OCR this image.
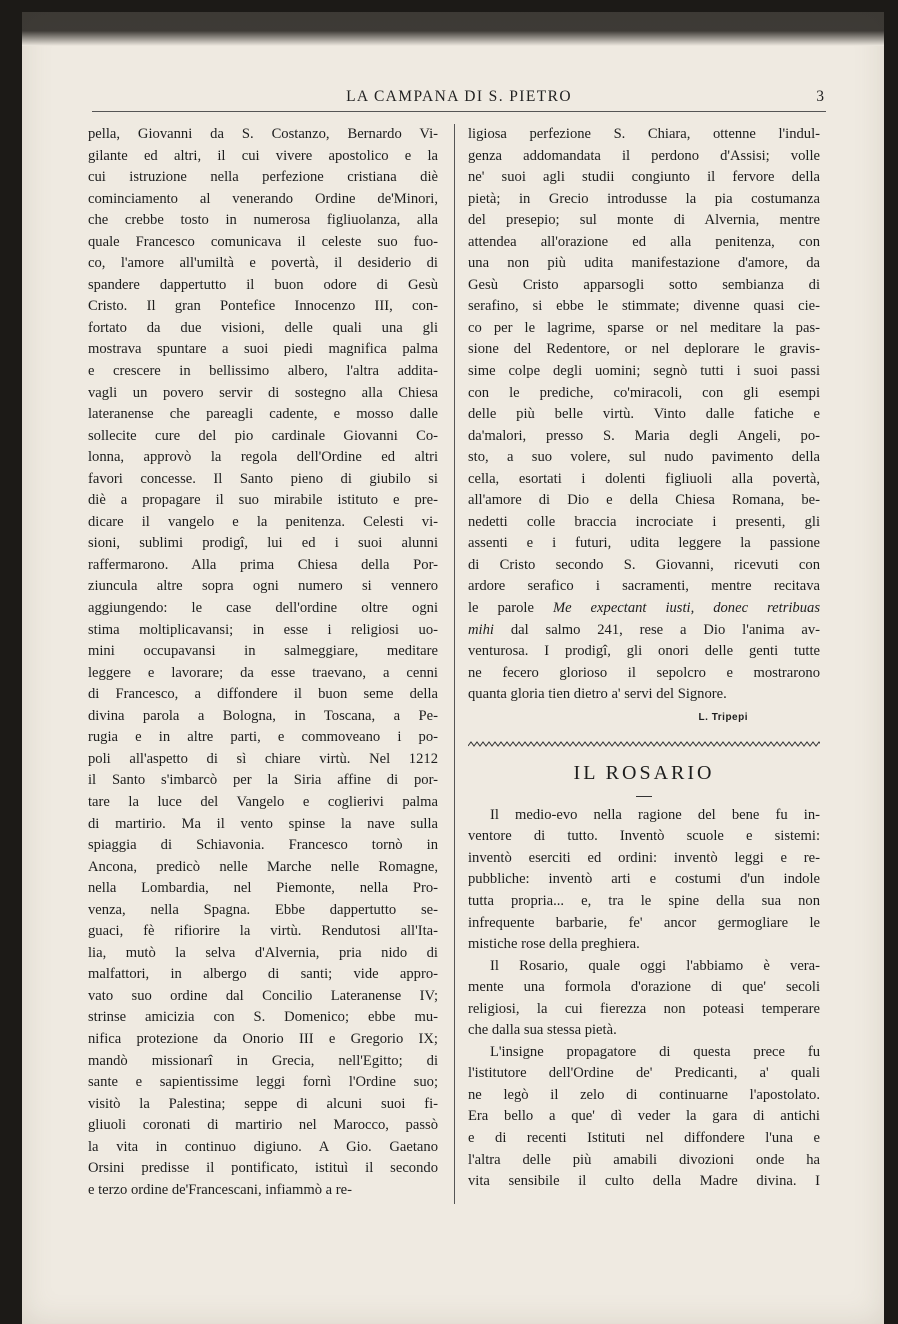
LA CAMPANA DI S. PIETRO	3
pella, Giovanni da S. Costanzo, Bernardo Vi-
gilante ed altri, il cui vivere apostolico e la
cui istruzione nella perfezione cristiana diè
cominciamento al venerando Ordine de'Minori,
che crebbe tosto in numerosa figliuolanza, alla
quale Francesco comunicava il celeste suo fuo-
co, l'amore all'umiltà e povertà, il desiderio di
spandere dappertutto il buon odore di Gesù
Cristo. Il gran Pontefice Innocenzo III, con-
fortato da due visioni, delle quali una gli
mostrava spuntare a suoi piedi magnifica palma
e crescere in bellissimo albero, l'altra addita-
vagli un povero servir di sostegno alla Chiesa
lateranense che pareagli cadente, e mosso dalle
sollecite cure del pio cardinale Giovanni Co-
lonna, approvò la regola dell'Ordine ed altri
favori concesse. Il Santo pieno di giubilo si
diè a propagare il suo mirabile istituto e pre-
dicare il vangelo e la penitenza. Celesti vi-
sioni, sublimi prodigî, lui ed i suoi alunni
raffermarono. Alla prima Chiesa della Por-
ziuncula altre sopra ogni numero si vennero
aggiungendo: le case dell'ordine oltre ogni
stima moltiplicavansi; in esse i religiosi uo-
mini occupavansi in salmeggiare, meditare
leggere e lavorare; da esse traevano, a cenni
di Francesco, a diffondere il buon seme della
divina parola a Bologna, in Toscana, a Pe-
rugia e in altre parti, e commoveano i po-
poli all'aspetto di sì chiare virtù. Nel 1212
il Santo s'imbarcò per la Siria affine di por-
tare la luce del Vangelo e coglierivi palma
di martirio. Ma il vento spinse la nave sulla
spiaggia di Schiavonia. Francesco tornò in
Ancona, predicò nelle Marche nelle Romagne,
nella Lombardia, nel Piemonte, nella Pro-
venza, nella Spagna. Ebbe dappertutto se-
guaci, fè rifiorire la virtù. Rendutosi all'Ita-
lia, mutò la selva d'Alvernia, pria nido di
malfattori, in albergo di santi; vide appro-
vato suo ordine dal Concilio Lateranense IV;
strinse amicizia con S. Domenico; ebbe mu-
nifica protezione da Onorio III e Gregorio IX;
mandò missionarî in Grecia, nell'Egitto; di
sante e sapientissime leggi fornì l'Ordine suo;
visitò la Palestina; seppe di alcuni suoi fi-
gliuoli coronati di martirio nel Marocco, passò
la vita in continuo digiuno. A Gio. Gaetano
Orsini predisse il pontificato, istituì il secondo
e terzo ordine de'Francescani, infiammò a re-
ligiosa perfezione S. Chiara, ottenne l'indul-
genza addomandata il perdono d'Assisi; volle
ne' suoi agli studii congiunto il fervore della
pietà; in Grecio introdusse la pia costumanza
del presepio; sul monte di Alvernia, mentre
attendea all'orazione ed alla penitenza, con
una non più udita manifestazione d'amore, da
Gesù Cristo apparsogli sotto sembianza di
serafino, si ebbe le stimmate; divenne quasi cie-
co per le lagrime, sparse or nel meditare la pas-
sione del Redentore, or nel deplorare le gravis-
sime colpe degli uomini; segnò tutti i suoi passi
con le prediche, co'miracoli, con gli esempi
delle più belle virtù. Vinto dalle fatiche e
da'malori, presso S. Maria degli Angeli, po-
sto, a suo volere, sul nudo pavimento della
cella, esortati i dolenti figliuoli alla povertà,
all'amore di Dio e della Chiesa Romana, be-
nedetti colle braccia incrociate i presenti, gli
assenti e i futuri, udita leggere la passione
di Cristo secondo S. Giovanni, ricevuti con
ardore serafico i sacramenti, mentre recitava
le parole Me expectant iusti, donec retribuas
mihi dal salmo 241, rese a Dio l'anima av-
venturosa. I prodigî, gli onori delle genti tutte
ne fecero glorioso il sepolcro e mostrarono
quanta gloria tien dietro a' servi del Signore.
L. Tripepi
IL ROSARIO
Il medio-evo nella ragione del bene fu in-
ventore di tutto. Inventò scuole e sistemi:
inventò eserciti ed ordini: inventò leggi e re-
pubbliche: inventò arti e costumi d'un indole
tutta propria... e, tra le spine della sua non
infrequente barbarie, fe' ancor germogliare le
mistiche rose della preghiera.
Il Rosario, quale oggi l'abbiamo è vera-
mente una formola d'orazione di que' secoli
religiosi, la cui fierezza non poteasi temperare
che dalla sua stessa pietà.
L'insigne propagatore di questa prece fu
l'istitutore dell'Ordine de' Predicanti, a' quali
ne legò il zelo di continuarne l'apostolato.
Era bello a que' dì veder la gara di antichi
e di recenti Istituti nel diffondere l'una e
l'altra delle più amabili divozioni onde ha
vita sensibile il culto della Madre divina. I
